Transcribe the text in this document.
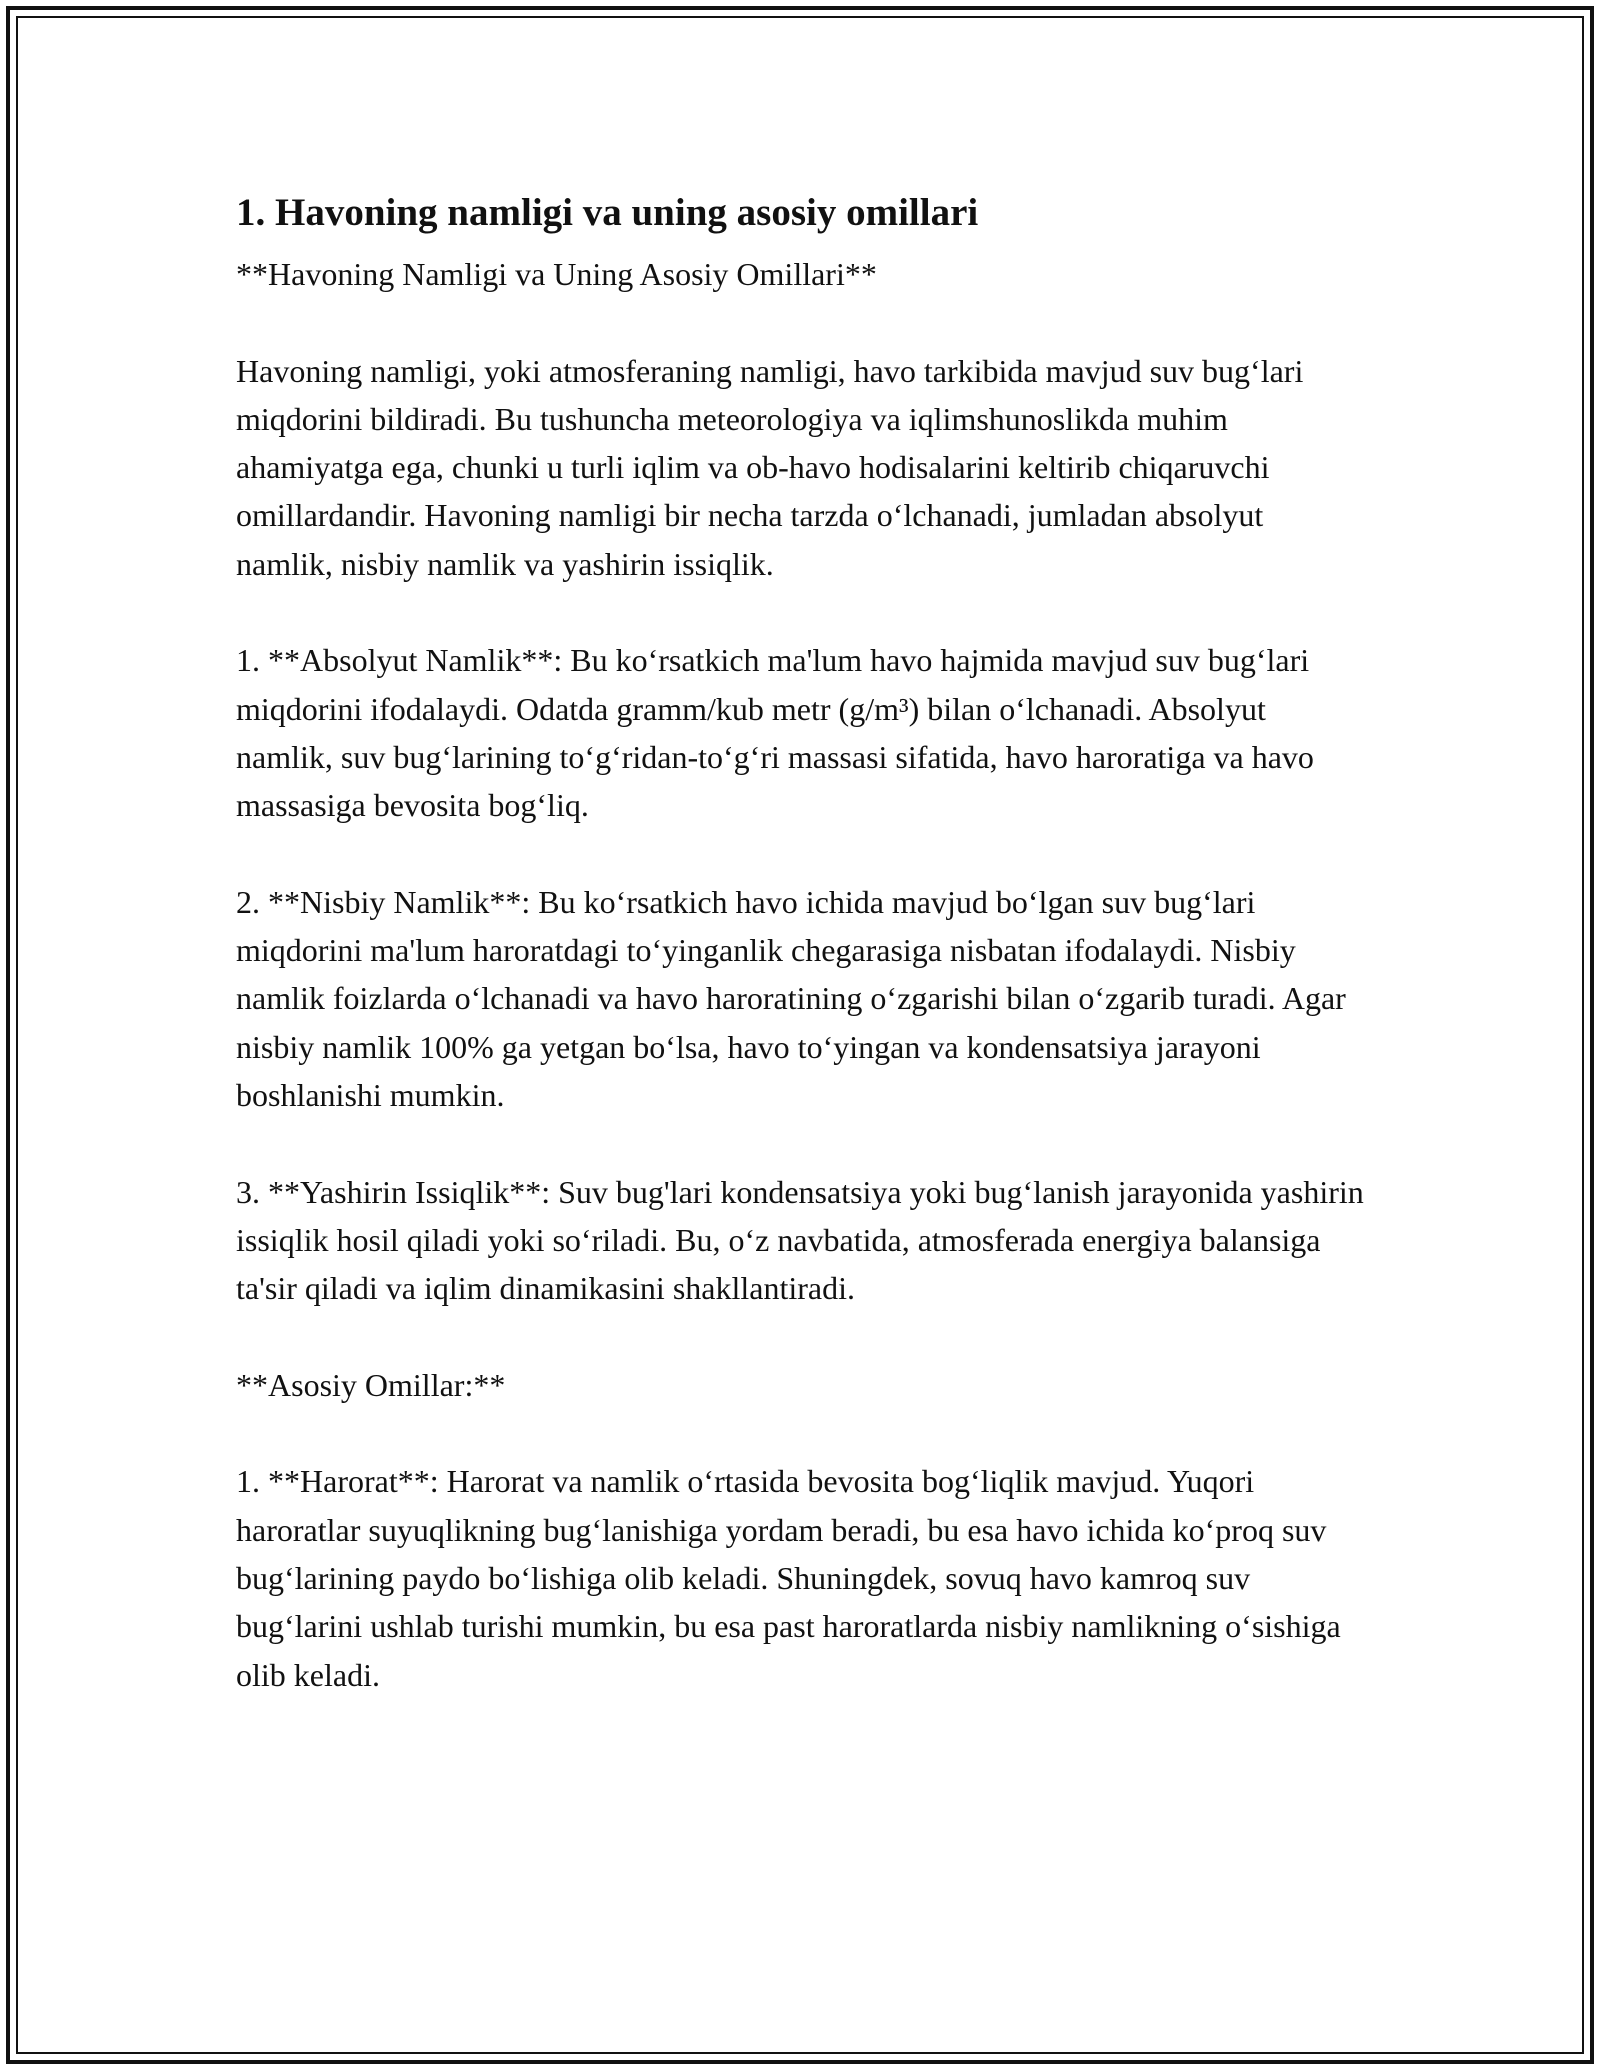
1. Havoning namligi va uning asosiy omillari

**Havoning Namligi va Uning Asosiy Omillari**

Havoning namligi, yoki atmosferaning namligi, havo tarkibida mavjud suv bug‘lari miqdorini bildiradi. Bu tushuncha meteorologiya va iqlimshunoslikda muhim ahamiyatga ega, chunki u turli iqlim va ob-havo hodisalarini keltirib chiqaruvchi omillardandir. Havoning namligi bir necha tarzda o‘lchanadi, jumladan absolyut namlik, nisbiy namlik va yashirin issiqlik.

1. **Absolyut Namlik**: Bu ko‘rsatkich ma'lum havo hajmida mavjud suv bug‘lari miqdorini ifodalaydi. Odatda gramm/kub metr (g/m³) bilan o‘lchanadi. Absolyut namlik, suv bug‘larining to‘g‘ridan-to‘g‘ri massasi sifatida, havo haroratiga va havo massasiga bevosita bog‘liq.

2. **Nisbiy Namlik**: Bu ko‘rsatkich havo ichida mavjud bo‘lgan suv bug‘lari miqdorini ma'lum haroratdagi to‘yinganlik chegarasiga nisbatan ifodalaydi. Nisbiy namlik foizlarda o‘lchanadi va havo haroratining o‘zgarishi bilan o‘zgarib turadi. Agar nisbiy namlik 100% ga yetgan bo‘lsa, havo to‘yingan va kondensatsiya jarayoni boshlanishi mumkin.

3. **Yashirin Issiqlik**: Suv bug'lari kondensatsiya yoki bug‘lanish jarayonida yashirin issiqlik hosil qiladi yoki so‘riladi. Bu, o‘z navbatida, atmosferada energiya balansiga ta'sir qiladi va iqlim dinamikasini shakllantiradi.

**Asosiy Omillar:**

1. **Harorat**: Harorat va namlik o‘rtasida bevosita bog‘liqlik mavjud. Yuqori haroratlar suyuqlikning bug‘lanishiga yordam beradi, bu esa havo ichida ko‘proq suv bug‘larining paydo bo‘lishiga olib keladi. Shuningdek, sovuq havo kamroq suv bug‘larini ushlab turishi mumkin, bu esa past haroratlarda nisbiy namlikning o‘sishiga olib keladi.
